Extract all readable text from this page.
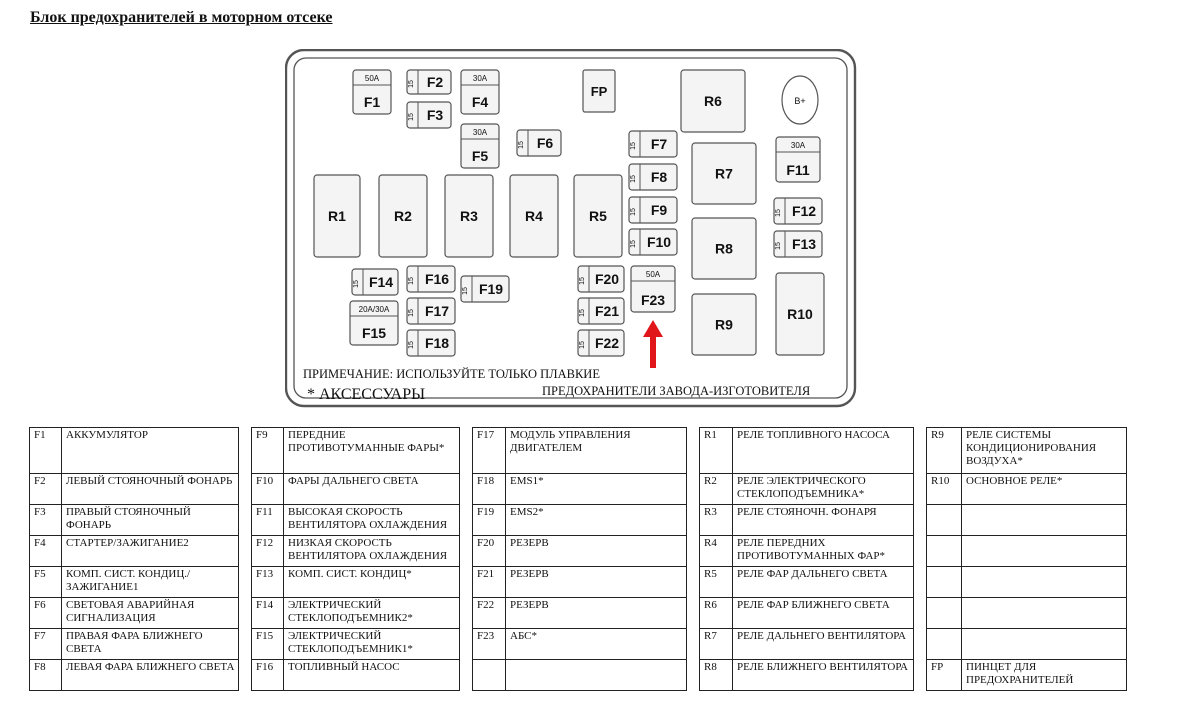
Блок предохранителей в моторном отсеке
R1	R2	R3	R4	R5
R6
R7
R8
R9
R10
FP
B+
50A
F1
30A
F4
30A
F5
30A
F11
20A/30A
F15
50A
F23
15 F2
15 F3
15 F6	15 F7
15 F8
15 F9
15 F10
15 F12
15 F13
15 F14 15 F16
15 F17
15 F18
15 F19	15 F20
15 F21
15 F22
ПРИМЕЧАНИЕ: ИСПОЛЬЗУЙТЕ ТОЛЬКО ПЛАВКИЕ
* АКСЕССУАРЫ	ПРЕДОХРАНИТЕЛИ ЗАВОДА-ИЗГОТОВИТЕЛЯ
F1	АККУМУЛЯТОР		F9	ПЕРЕДНИЕ ПРОТИВОТУМАННЫЕ ФАРЫ*		F17	МОДУЛЬ УПРАВЛЕНИЯ ДВИГАТЕЛЕМ		R1	РЕЛЕ ТОПЛИВНОГО НАСОСА		R9	РЕЛЕ СИСТЕМЫ КОНДИЦИОНИРОВАНИЯ ВОЗДУХА*
F2	ЛЕВЫЙ СТОЯНОЧНЫЙ ФОНАРЬ		F10	ФАРЫ ДАЛЬНЕГО СВЕТА		F18	EMS1*		R2	РЕЛЕ ЭЛЕКТРИЧЕСКОГО СТЕКЛОПОДЪЕМНИКА*		R10	ОСНОВНОЕ РЕЛЕ*
F3	ПРАВЫЙ СТОЯНОЧНЫЙ ФОНАРЬ		F11	ВЫСОКАЯ СКОРОСТЬ ВЕНТИЛЯТОРА ОХЛАЖДЕНИЯ		F19	EMS2*		R3	РЕЛЕ СТОЯНОЧН. ФОНАРЯ			
F4	СТАРТЕР/ЗАЖИГАНИЕ2		F12	НИЗКАЯ СКОРОСТЬ ВЕНТИЛЯТОРА ОХЛАЖДЕНИЯ		F20	РЕЗЕРВ		R4	РЕЛЕ ПЕРЕДНИХ ПРОТИВОТУМАННЫХ ФАР*			
F5	КОМП. СИСТ. КОНДИЦ./ ЗАЖИГАНИЕ1		F13	КОМП. СИСТ. КОНДИЦ*		F21	РЕЗЕРВ		R5	РЕЛЕ ФАР ДАЛЬНЕГО СВЕТА			
F6	СВЕТОВАЯ АВАРИЙНАЯ СИГНАЛИЗАЦИЯ		F14	ЭЛЕКТРИЧЕСКИЙ СТЕКЛОПОДЪЕМНИК2*		F22	РЕЗЕРВ		R6	РЕЛЕ ФАР БЛИЖНЕГО СВЕТА			
F7	ПРАВАЯ ФАРА БЛИЖНЕГО СВЕТА		F15	ЭЛЕКТРИЧЕСКИЙ СТЕКЛОПОДЪЕМНИК1*		F23	АБС*		R7	РЕЛЕ ДАЛЬНЕГО ВЕНТИЛЯТОРА			
F8	ЛЕВАЯ ФАРА БЛИЖНЕГО СВЕТА		F16	ТОПЛИВНЫЙ НАСОС					R8	РЕЛЕ БЛИЖНЕГО ВЕНТИЛЯТОРА		FP	ПИНЦЕТ ДЛЯ ПРЕДОХРАНИТЕЛЕЙ
